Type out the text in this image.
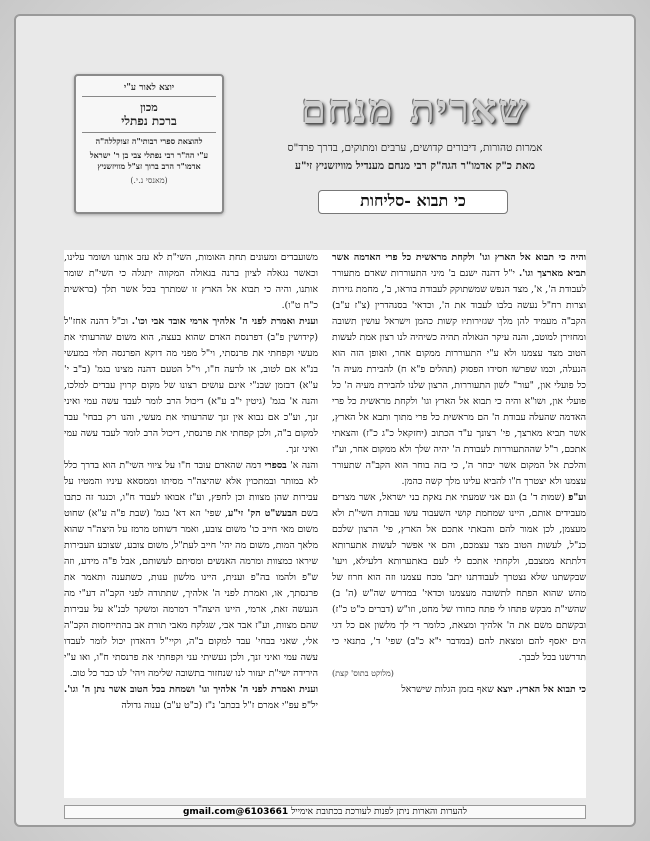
יוצא לאור ע"י
מכון
ברכת נפתלי
להוצאת ספרי רבותי"ה זצוקללה"ה
ע"י הה"ר רבי נפתלי צבי בן ר' ישראל אדמו"ר הרב ברוך זצ"ל מוויזשניץ
(מאנסי נ.י.)
שארית מנחם
אמרות טהורות, דיבורים קדושים, ערבים ומתוקים, בדרך פרד"ס
מאת כ"ק אדמו"ר הגה"ק רבי מנחם מענדיל מוויזשניץ זי"ע
כי תבוא -סליחות

והיה כי תבוא אל הארץ וגו' ולקחת מראשית כל פרי האדמה אשר תביא מארצך וגו'. י"ל דהנה ישנם ב' מיני התעוררות שאדם מתעורר לעבודת ה', א', מצד הנפש שמשתוקק לעבודת בוראו, ב', מחמת גזירות וצרות רח"ל נעשה בלבו לעבוד את ה', וכדאי' בסנהדרין (צ"ז ע"ב) הקב"ה מעמיד להן מלך שגזירותיו קשות כהמן וישראל עושין תשובה ומחזירן למוטב, והנה עיקר הגאולה תהיה כשיהיה לנו רצון אמת לעשות הטוב מצד עצמנו ולא ע"י התעוררות ממקום אחר, ואופן הזה הוא הנעלה, וכמו שפרשו חסידו הפסוק (תהלים פ"א ח) להבירת מעיה ה' כל פועלי און, "עור" לשון התעוררות, הרצון שלנו להבירת מעיה ה' כל פועלי און, ושו"א והיה כי תבוא אל הארץ וגו' ולקחת מראשית כל פרי האדמה שהעלה עבודת ה' הם מראשית כל פרי מתוך ותבא אל הארץ, אשר תביא מארצך, פי' רצונך ע"ד הכתוב (יחזקאל כ"ג כ"ז) והצאתי אתכם, ר"ל שההתעוררות לעבודת ה' יהיה שלך ולא ממקום אחר, וע"ז והלכת אל המקום אשר יבחר ה', כי בזה בוחר הוא הקב"ה שתעורר עצמנו ולא יצטרך ח"ו להביא עלינו מלך קשה כהמן.

וע"פ (שמות ד' ב) וגם אני שמעתי את נאקת בני ישראל, אשר מצרים מעבידים אותם, היינו שמחמת קושי השעבוד עשו עבודת השי"ת ולא מעצמן, לכן אמור להם והבאתי אתכם אל הארץ, פי' הרצון שלכם כנ"ל, לעשות הטוב מצד עצמכם, והם אי אפשר לעשות אתערותא דלתתא ממצבם, ולקחתי אתכם לי לעם באתערותא דלעילא, ויעו' שבקשתנו שלא נצטרך לעבודתנו יתב' מכח עצמנו וזה הוא חרוז של מהש שהוא הפתח לתשובה מעצמנו וכדאי' במדרש שה"ש (ה' ב) שהשי"ת מבקש פתחו לי פתח כחודו של מחט, וזו"ש (דברים כ"ט כ"ז) ובקשתם משם את ה' אלהיך ומצאת, כלומר די לך מלשון אם כל דגי הים יאסף להם ומצאת להם (במדבר י"א כ"ב) שפי' ד', בתנאי כי תדרשנו בכל לבבך.

(מלוקט בתוס' קצת)

כי תבוא אל הארץ. יוצא שאף בזמן הגלות שישראל

משועבדים ומעונים תחת האומות, השי"ת לא עזב אותנו ושומר עלינו, וכאשר נגאלה לציון ברנה בגאולה המקווה יתגלה כי השי"ת שומר אותנו, והיה כי תבוא אל הארץ זו שמתרך בכל אשר תלך (בראשית כ"ח ט"ו).

וענית ואמרת לפני ה' אלהיך ארמי אובד אבי וכו'. וכ"ל דהנה אחז"ל (קידושין פ"ב) דפרנסת האדם שהוא בעצה, הוא משום שהרעותי את מעשי וקפחתי את פרנסתי, וי"ל מפני מה דוקא הפרנסה תלוי במעשי בנ"א אם לטוב, או לרעה ח"ו, וי"ל הטעם דהנה מצינו בגמ' (ב"ב י' ע"א) דבזמן שבנ"י אינם עושים רצונו של מקום קרוין עבדים למלכו, והנה א' בגמ' (גיטין י"ב ע"א) דיכול הרב לומר לעבד עשה עמי ואיני זנך, וע"כ אם נבוא אין זנך שהרעותי את מעשי, והנו רק בבחי' עבד למקום ב"ה, ולכן קפחתי את פרנסתי, דיכול הרב לומר לעבד עשה עמי ואיני זנך.

והנה א' בספרי דמה שהאדם עובד ח"ו על ציווי השי"ת הוא בדרך כלל לא במותר ובמתכוין אלא שהיצה"ר מסיתו וממסאא עיניו והמטיו על עבירות שהן מצוות וכן לחפץ, וע"ז אבואו לעבוד ח"ו, וכנגד זה כתבו בשם הבעש"ט הק' זי"ע, שפי' הא דא' בגמ' (שבת פ"ה ע"א) שחוט משום מאי חייב כו' משום צובע, ואמר דשוחט מרמז על היצה"ר שהוא מלאך המות, משום מה יהי' חייב לעת"ל, משום צובע, שצובע העבירות שיראו כמצוות ומרמה האנשים ומסיתם לעשותם, אבל פ"ה מידע, וזה ש"פ ולהמו בה"פ וענית, היינו מלשון ענות, כשתענה ותאמר את פרנסתך, או, ואמרת לפני ה' אלהיך, שתתודה לפני הקב"ה דע"י מה הנעשה זאת, ארמי, היינו היצה"ר דמרמה ומשקר לבנ"א על עבירות שהם מצוות, וע"ז אבד אבי, שגלקח מאבי תורת אב בהתייחסות הקב"ה אלי, שאני בבחי' עבד למקום ב"ה, וקיי"ל דהאדון יכול לומר לעבדו עשה עמי ואיני זנך, ולכן נעשיתי עני וקפחתי את פרנסתי ח"ו, ואו ע"י הירידה ישי"ת יעזור לנו שנחזור בתשובה שלימה ויהי' לנו כבר כל טוב.

וענית ואמרת לפני ה' אלהיך וגו' ושמחת בכל הטוב אשר נתן ה' וגו'. יל"פ עפ"י אמרם ז"ל בכתב' נ"ז (כ"ט ע"ב) ענוה גדולה

להערות והארות ניתן לפנות לעורכת בכתובת אימייל 6103661@gmail.com
